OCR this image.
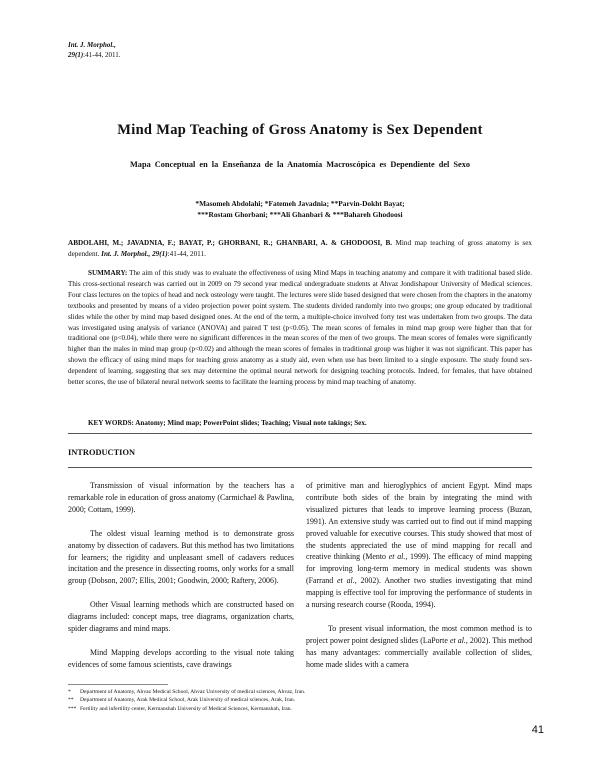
Int. J. Morphol.,
29(1):41-44, 2011.
Mind Map Teaching of Gross Anatomy is Sex Dependent
Mapa Conceptual en la Enseñanza de la Anatomía Macroscópica es Dependiente del Sexo
*Masomeh Abdolahi; *Fatemeh Javadnia; **Parvin-Dokht Bayat;
***Rostam Ghorbani; ***Ali Ghanbari & ***Bahareh Ghodoosi
ABDOLAHI, M.; JAVADNIA, F.; BAYAT, P.; GHORBANI, R.; GHANBARI, A. & GHODOOSI, B. Mind map teaching of gross anatomy is sex dependent. Int. J. Morphol., 29(1):41-44, 2011.
SUMMARY: The aim of this study was to evaluate the effectiveness of using Mind Maps in teaching anatomy and compare it with traditional based slide. This cross-sectional research was carried out in 2009 on 79 second year medical undergraduate students at Ahvaz Jondishapour University of Medical sciences. Four class lectures on the topics of head and neck osteology were taught. The lectures were slide based designed that were chosen from the chapters in the anatomy textbooks and presented by means of a video projection power point system. The students divided randomly into two groups; one group educated by traditional slides while the other by mind map based designed ones. At the end of the term, a multiple-choice involved forty test was undertaken from two groups. The data was investigated using analysis of variance (ANOVA) and paired T test (p<0.05). The mean scores of females in mind map group were higher than that for traditional one (p<0.04), while there were no significant differences in the mean scores of the men of two groups. The mean scores of females were significantly higher than the males in mind map group (p<0.02) and although the mean scores of females in traditional group was higher it was not significant. This paper has shown the efficacy of using mind maps for teaching gross anatomy as a study aid, even when use has been limited to a single exposure. The study found sex-dependent of learning, suggesting that sex may determine the optimal neural network for designing teaching protocols. Indeed, for females, that have obtained better scores, the use of bilateral neural network seems to facilitate the learning process by mind map teaching of anatomy.
KEY WORDS: Anatomy; Mind map; PowerPoint slides; Teaching; Visual note takings; Sex.
INTRODUCTION

Transmission of visual information by the teachers has a remarkable role in education of gross anatomy (Carmichael & Pawlina, 2000; Cottam, 1999).

The oldest visual learning method is to demonstrate gross anatomy by dissection of cadavers. But this method has two limitations for learners; the rigidity and unpleasant smell of cadavers reduces incitation and the presence in dissecting rooms, only works for a small group (Dobson, 2007; Ellis, 2001; Goodwin, 2000; Raftery, 2006).

Other Visual learning methods which are constructed based on diagrams included: concept maps, tree diagrams, organization charts, spider diagrams and mind maps.

Mind Mapping develops according to the visual note taking evidences of some famous scientists, cave drawings

of primitive man and hieroglyphics of ancient Egypt. Mind maps contribute both sides of the brain by integrating the mind with visualized pictures that leads to improve learning process (Buzan, 1991). An extensive study was carried out to find out if mind mapping proved valuable for executive courses. This study showed that most of the students appreciated the use of mind mapping for recall and creative thinking (Mento et al., 1999). The efficacy of mind mapping for improving long-term memory in medical students was shown (Farrand et al., 2002). Another two studies investigating that mind mapping is effective tool for improving the performance of students in a nursing research course (Rooda, 1994).

To present visual information, the most common method is to project power point designed slides (LaPorte et al., 2002). This method has many advantages: commercially available collection of slides, home made slides with a camera

*	Department of Anatomy, Ahvaz Medical School, Ahvaz University of medical sciences, Ahvaz, Iran.
**	Department of Anatomy, Arak Medical School, Arak University of medical sciences, Arak, Iran.
*** Fertility and infertility center, Kermanshah University of Medical Sciences, Kermanshah, Iran.
41
